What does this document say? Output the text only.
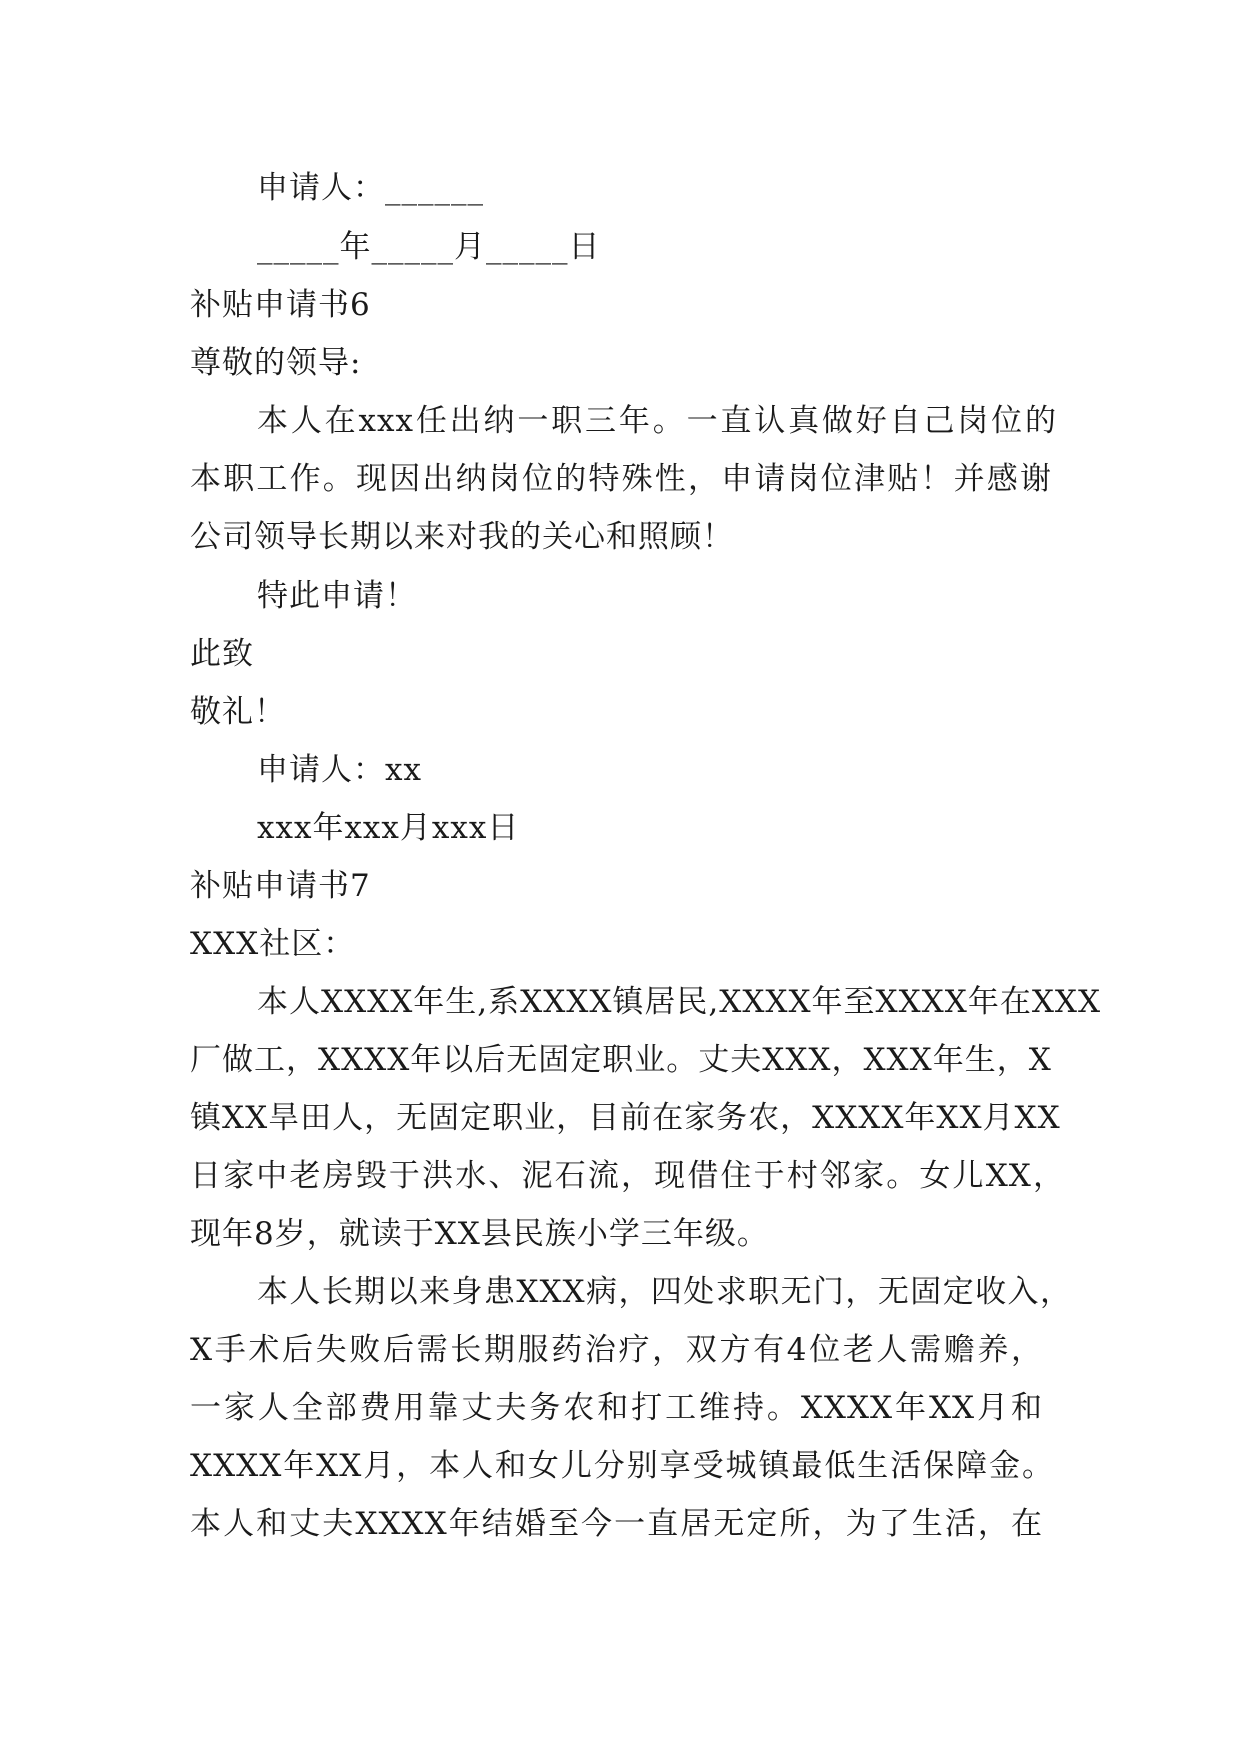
申请人：______
_____年_____月_____日
补贴申请书6
尊敬的领导:
本人在xxx任出纳一职三年。一直认真做好自己岗位的
本职工作。现因出纳岗位的特殊性，申请岗位津贴！并感谢
公司领导长期以来对我的关心和照顾！
特此申请！
此致
敬礼！
申请人：xx
xxx年xxx月xxx日
补贴申请书7
XXX社区：
本人XXXX年生,系XXXX镇居民,XXXX年至XXXX年在XXX
厂做工，XXXX年以后无固定职业。丈夫XXX，XXX年生，X
镇XX旱田人，无固定职业，目前在家务农，XXXX年XX月XX
日家中老房毁于洪水、泥石流，现借住于村邻家。女儿XX，
现年8岁，就读于XX县民族小学三年级。
本人长期以来身患XXX病，四处求职无门，无固定收入，
X手术后失败后需长期服药治疗，双方有4位老人需赡养，
一家人全部费用靠丈夫务农和打工维持。XXXX年XX月和
XXXX年XX月，本人和女儿分别享受城镇最低生活保障金。
本人和丈夫XXXX年结婚至今一直居无定所，为了生活，在
